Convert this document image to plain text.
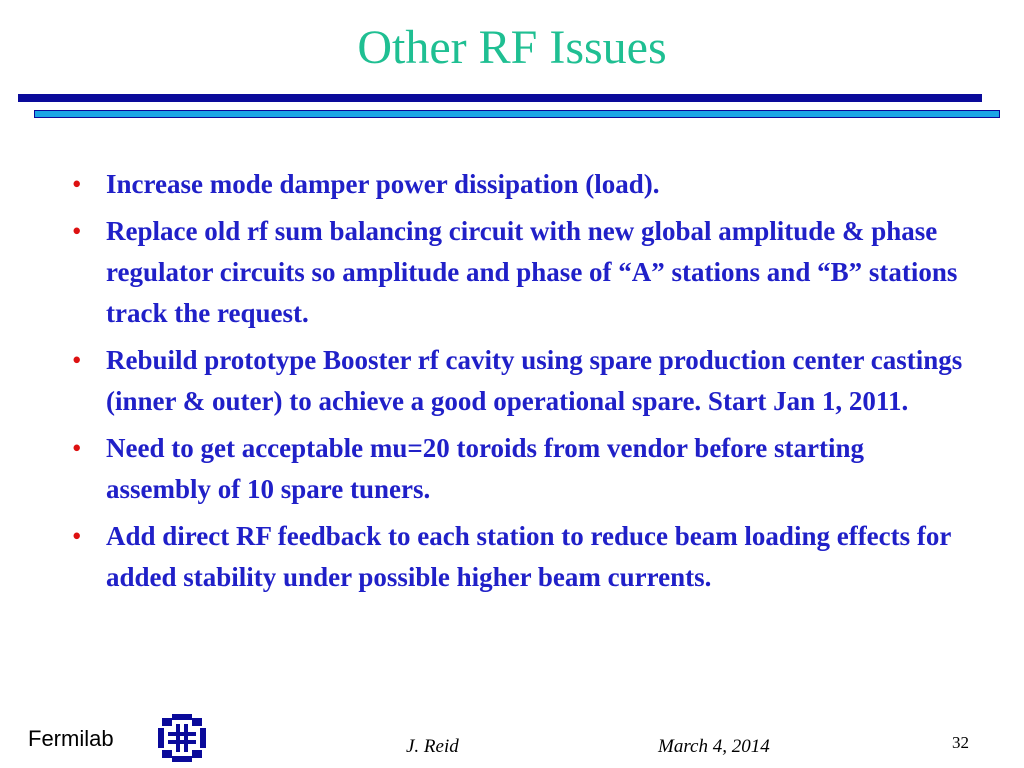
Other RF Issues
• Increase mode damper power dissipation (load).
• Replace old rf sum balancing circuit with new global amplitude & phase regulator circuits so amplitude and phase of “A” stations and “B” stations track the request.
• Rebuild prototype Booster rf cavity using spare production center castings (inner & outer) to achieve a good operational spare. Start Jan 1, 2011.
• Need to get acceptable mu=20 toroids from vendor before starting assembly of 10 spare tuners.
• Add direct RF feedback to each station to reduce beam loading effects for added stability under possible higher beam currents.
Fermilab	J. Reid	March 4, 2014	32
